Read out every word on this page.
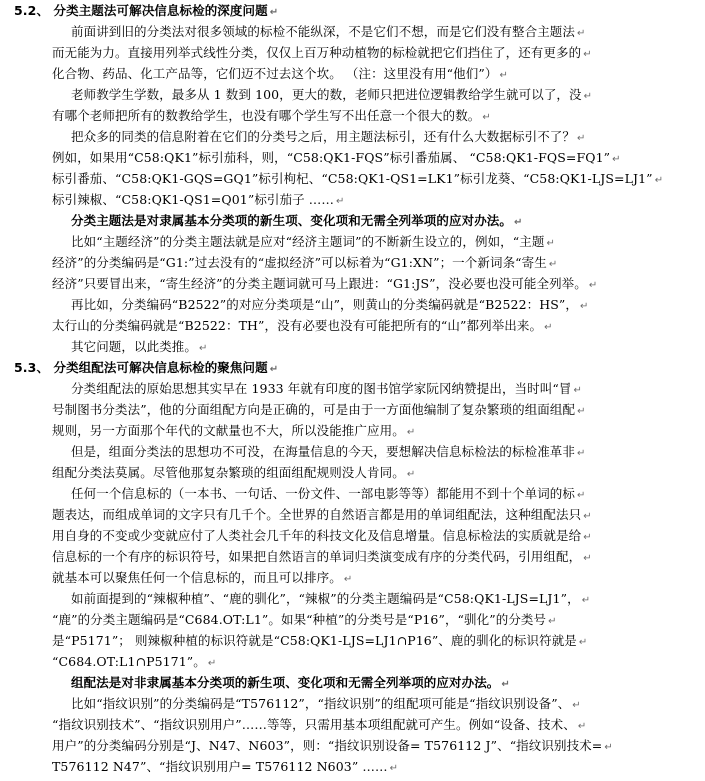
5.2、 分类主题法可解决信息标检的深度问题 ↵
前面讲到旧的分类法对很多领域的标检不能纵深，不是它们不想，而是它们没有整合主题法 ↵
而无能为力。直接用列举式线性分类，仅仅上百万种动植物的标检就把它们挡住了，还有更多的 ↵
化合物、药品、化工产品等，它们迈不过去这个坎。 （注：这里没有用“他们”） ↵
老师教学生学数，最多从 1 数到 100，更大的数，老师只把进位逻辑教给学生就可以了，没 ↵
有哪个老师把所有的数教给学生，也没有哪个学生写不出任意一个很大的数。 ↵
把众多的同类的信息附着在它们的分类号之后，用主题法标引，还有什么大数据标引不了？ ↵
例如，如果用“C58:QK1”标引茄科，则，“C58:QK1-FQS”标引番茄属、 “C58:QK1-FQS=FQ1” ↵
标引番茄、“C58:QK1-GQS=GQ1”标引枸杞、“C58:QK1-QS1=LK1”标引龙葵、“C58:QK1-LJS=LJ1” ↵
标引辣椒、“C58:QK1-QS1=Q01”标引茄子 …… ↵
分类主题法是对隶属基本分类项的新生项、变化项和无需全列举项的应对办法。 ↵
比如“主题经济”的分类主题法就是应对“经济主题词”的不断新生设立的，例如，“主题 ↵
经济”的分类编码是“G1:”过去没有的“虚拟经济”可以标着为“G1:XN”；一个新词条“寄生 ↵
经济”只要冒出来，“寄生经济”的分类主题词就可马上跟进：“G1:JS”，没必要也没可能全列举。 ↵
再比如，分类编码“B2522”的对应分类项是“山”，则黄山的分类编码就是“B2522：HS”， ↵
太行山的分类编码就是“B2522：TH”，没有必要也没有可能把所有的“山”都列举出来。 ↵
其它问题，以此类推。 ↵
5.3、 分类组配法可解决信息标检的聚焦问题 ↵
分类组配法的原始思想其实早在 1933 年就有印度的图书馆学家阮冈纳赞提出，当时叫“冒 ↵
号制图书分类法”，他的分面组配方向是正确的，可是由于一方面他编制了复杂繁琐的组面组配 ↵
规则，另一方面那个年代的文献量也不大，所以没能推广应用。 ↵
但是，组面分类法的思想功不可没，在海量信息的今天，要想解决信息标检法的标检准革非 ↵
组配分类法莫属。尽管他那复杂繁琐的组面组配规则没人肯同。 ↵
任何一个信息标的（一本书、一句话、一份文件、一部电影等等）都能用不到十个单词的标 ↵
题表达，而组成单词的文字只有几千个。全世界的自然语言都是用的单词组配法，这种组配法只 ↵
用自身的不变或少变就应付了人类社会几千年的科技文化及信息增量。信息标检法的实质就是给 ↵
信息标的一个有序的标识符号，如果把自然语言的单词归类演变成有序的分类代码，引用组配， ↵
就基本可以聚焦任何一个信息标的，而且可以排序。 ↵
如前面提到的“辣椒种植”、“鹿的驯化”，“辣椒”的分类主题编码是“C58:QK1-LJS=LJ1”， ↵
“鹿”的分类主题编码是“C684.OT:L1”。如果“种植”的分类号是“P16”，“驯化”的分类号 ↵
是“P5171”； 则辣椒种植的标识符就是“C58:QK1-LJS=LJ1∩P16”、鹿的驯化的标识符就是 ↵
“C684.OT:L1∩P5171”。 ↵
组配法是对非隶属基本分类项的新生项、变化项和无需全列举项的应对办法。 ↵
比如“指纹识别”的分类编码是“T576112”，“指纹识别”的组配项可能是“指纹识别设备”、 ↵
“指纹识别技术”、“指纹识别用户”……等等，只需用基本项组配就可产生。例如“设备、技术、 ↵
用户”的分类编码分别是“J、N47、N603”，则：“指纹识别设备= T576112 J”、“指纹识别技术= ↵
T576112 N47”、“指纹识别用户= T576112 N603” …… ↵
